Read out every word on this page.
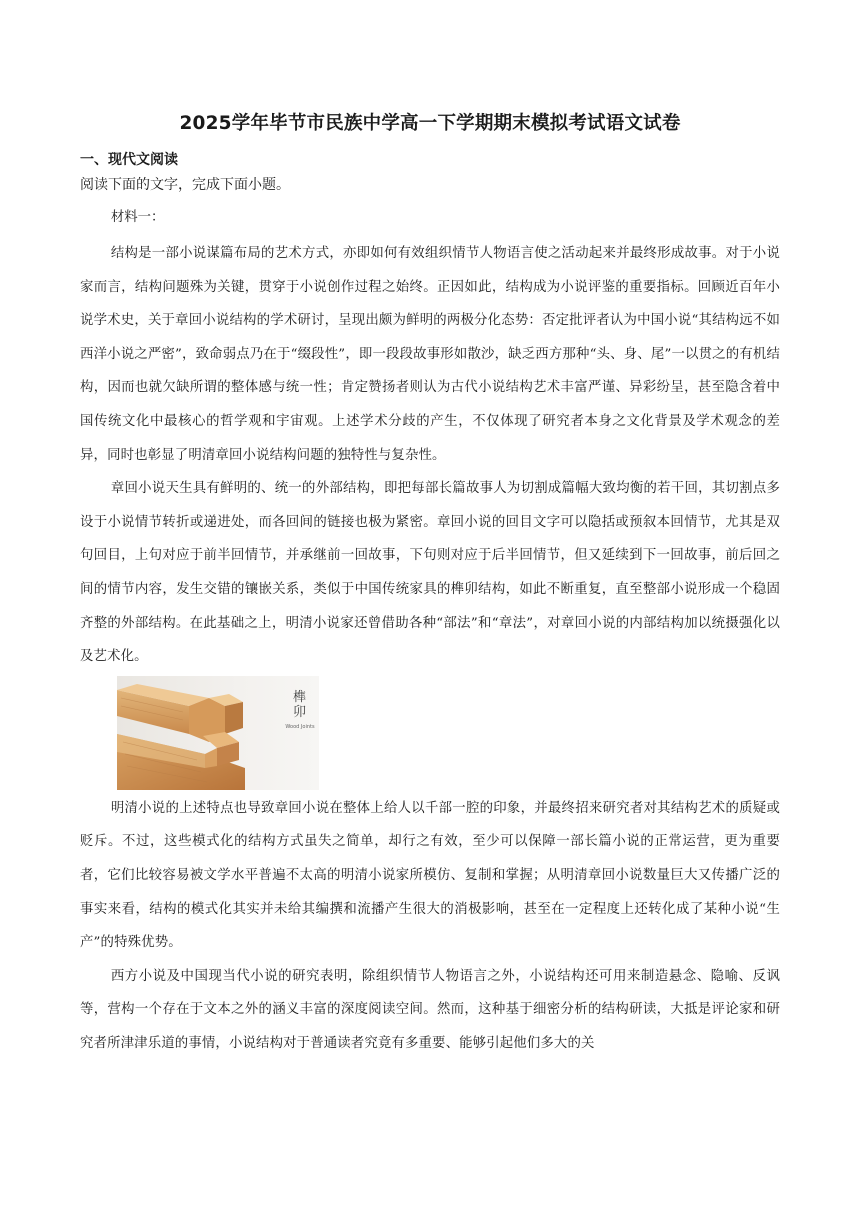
2025学年毕节市民族中学高一下学期期末模拟考试语文试卷

一、现代文阅读

阅读下面的文字，完成下面小题。

材料一：

结构是一部小说谋篇布局的艺术方式，亦即如何有效组织情节人物语言使之活动起来并最终形成故事。对于小说家而言，结构问题殊为关键，贯穿于小说创作过程之始终。正因如此，结构成为小说评鉴的重要指标。回顾近百年小说学术史，关于章回小说结构的学术研讨，呈现出颇为鲜明的两极分化态势：否定批评者认为中国小说“其结构远不如西洋小说之严密”，致命弱点乃在于“缀段性”，即一段段故事形如散沙，缺乏西方那种“头、身、尾”一以贯之的有机结构，因而也就欠缺所谓的整体感与统一性；肯定赞扬者则认为古代小说结构艺术丰富严谨、异彩纷呈，甚至隐含着中国传统文化中最核心的哲学观和宇宙观。上述学术分歧的产生，不仅体现了研究者本身之文化背景及学术观念的差异，同时也彰显了明清章回小说结构问题的独特性与复杂性。

章回小说天生具有鲜明的、统一的外部结构，即把每部长篇故事人为切割成篇幅大致均衡的若干回，其切割点多设于小说情节转折或递进处，而各回间的链接也极为紧密。章回小说的回目文字可以隐括或预叙本回情节，尤其是双句回目，上句对应于前半回情节，并承继前一回故事，下句则对应于后半回情节，但又延续到下一回故事，前后回之间的情节内容，发生交错的镶嵌关系，类似于中国传统家具的榫卯结构，如此不断重复，直至整部小说形成一个稳固齐整的外部结构。在此基础之上，明清小说家还曾借助各种“部法”和“章法”，对章回小说的内部结构加以统摄强化以及艺术化。

榫卯
Wood Joints

明清小说的上述特点也导致章回小说在整体上给人以千部一腔的印象，并最终招来研究者对其结构艺术的质疑或贬斥。不过，这些模式化的结构方式虽失之简单，却行之有效，至少可以保障一部长篇小说的正常运营，更为重要者，它们比较容易被文学水平普遍不太高的明清小说家所模仿、复制和掌握；从明清章回小说数量巨大又传播广泛的事实来看，结构的模式化其实并未给其编撰和流播产生很大的消极影响，甚至在一定程度上还转化成了某种小说“生产”的特殊优势。

西方小说及中国现当代小说的研究表明，除组织情节人物语言之外，小说结构还可用来制造悬念、隐喻、反讽等，营构一个存在于文本之外的涵义丰富的深度阅读空间。然而，这种基于细密分析的结构研读，大抵是评论家和研究者所津津乐道的事情，小说结构对于普通读者究竟有多重要、能够引起他们多大的关
